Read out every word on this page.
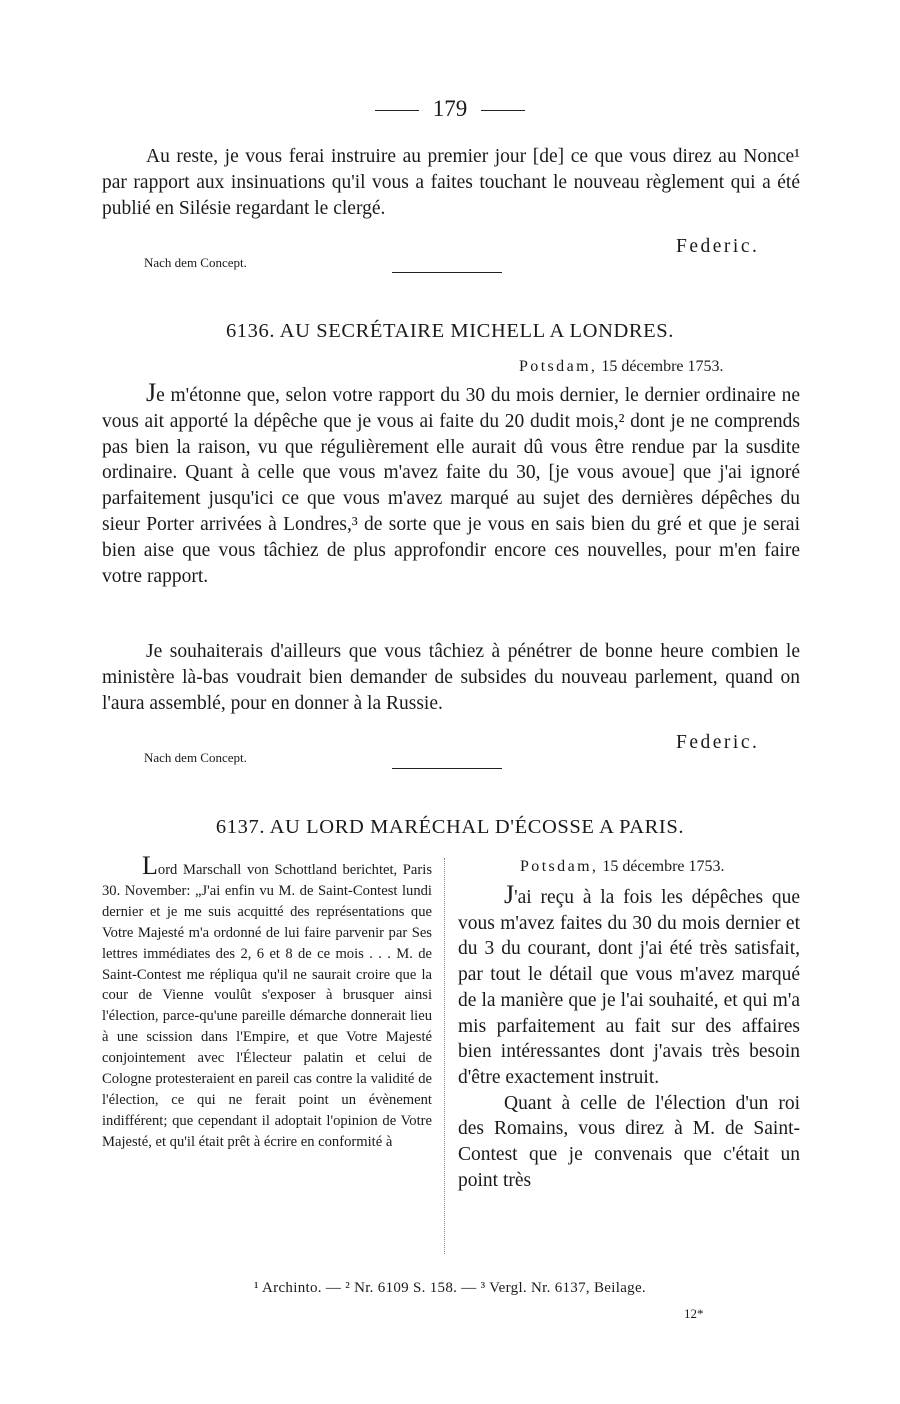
179
Au reste, je vous ferai instruire au premier jour [de] ce que vous direz au Nonce¹ par rapport aux insinuations qu'il vous a faites touchant le nouveau règlement qui a été publié en Silésie regardant le clergé.
Federic.
Nach dem Concept.
6136. AU SECRÉTAIRE MICHELL A LONDRES.
Potsdam, 15 décembre 1753.
Je m'étonne que, selon votre rapport du 30 du mois dernier, le dernier ordinaire ne vous ait apporté la dépêche que je vous ai faite du 20 dudit mois,² dont je ne comprends pas bien la raison, vu que régulièrement elle aurait dû vous être rendue par la susdite ordinaire. Quant à celle que vous m'avez faite du 30, [je vous avoue] que j'ai ignoré parfaitement jusqu'ici ce que vous m'avez marqué au sujet des dernières dépêches du sieur Porter arrivées à Londres,³ de sorte que je vous en sais bien du gré et que je serai bien aise que vous tâchiez de plus approfondir encore ces nouvelles, pour m'en faire votre rapport.
Je souhaiterais d'ailleurs que vous tâchiez à pénétrer de bonne heure combien le ministère là-bas voudrait bien demander de subsides du nouveau parlement, quand on l'aura assemblé, pour en donner à la Russie.
Federic.
Nach dem Concept.
6137. AU LORD MARÉCHAL D'ÉCOSSE A PARIS.

Lord Marschall von Schottland berichtet, Paris 30. November: „J'ai enfin vu M. de Saint-Contest lundi dernier et je me suis acquitté des représentations que Votre Majesté m'a ordonné de lui faire parvenir par Ses lettres immédiates des 2, 6 et 8 de ce mois . . . M. de Saint-Contest me répliqua qu'il ne saurait croire que la cour de Vienne voulût s'exposer à brusquer ainsi l'élection, parce-qu'une pareille démarche donnerait lieu à une scission dans l'Empire, et que Votre Majesté conjointement avec l'Électeur palatin et celui de Cologne protesteraient en pareil cas contre la validité de l'élection, ce qui ne ferait point un évènement indifférent; que cependant il adoptait l'opinion de Votre Majesté, et qu'il était prêt à écrire en conformité à

Potsdam, 15 décembre 1753.

J'ai reçu à la fois les dépêches que vous m'avez faites du 30 du mois dernier et du 3 du courant, dont j'ai été très satisfait, par tout le détail que vous m'avez marqué de la manière que je l'ai souhaité, et qui m'a mis parfaitement au fait sur des affaires bien intéressantes dont j'avais très besoin d'être exactement instruit.

Quant à celle de l'élection d'un roi des Romains, vous direz à M. de Saint-Contest que je convenais que c'était un point très

¹ Archinto. — ² Nr. 6109 S. 158. — ³ Vergl. Nr. 6137, Beilage.
12*
